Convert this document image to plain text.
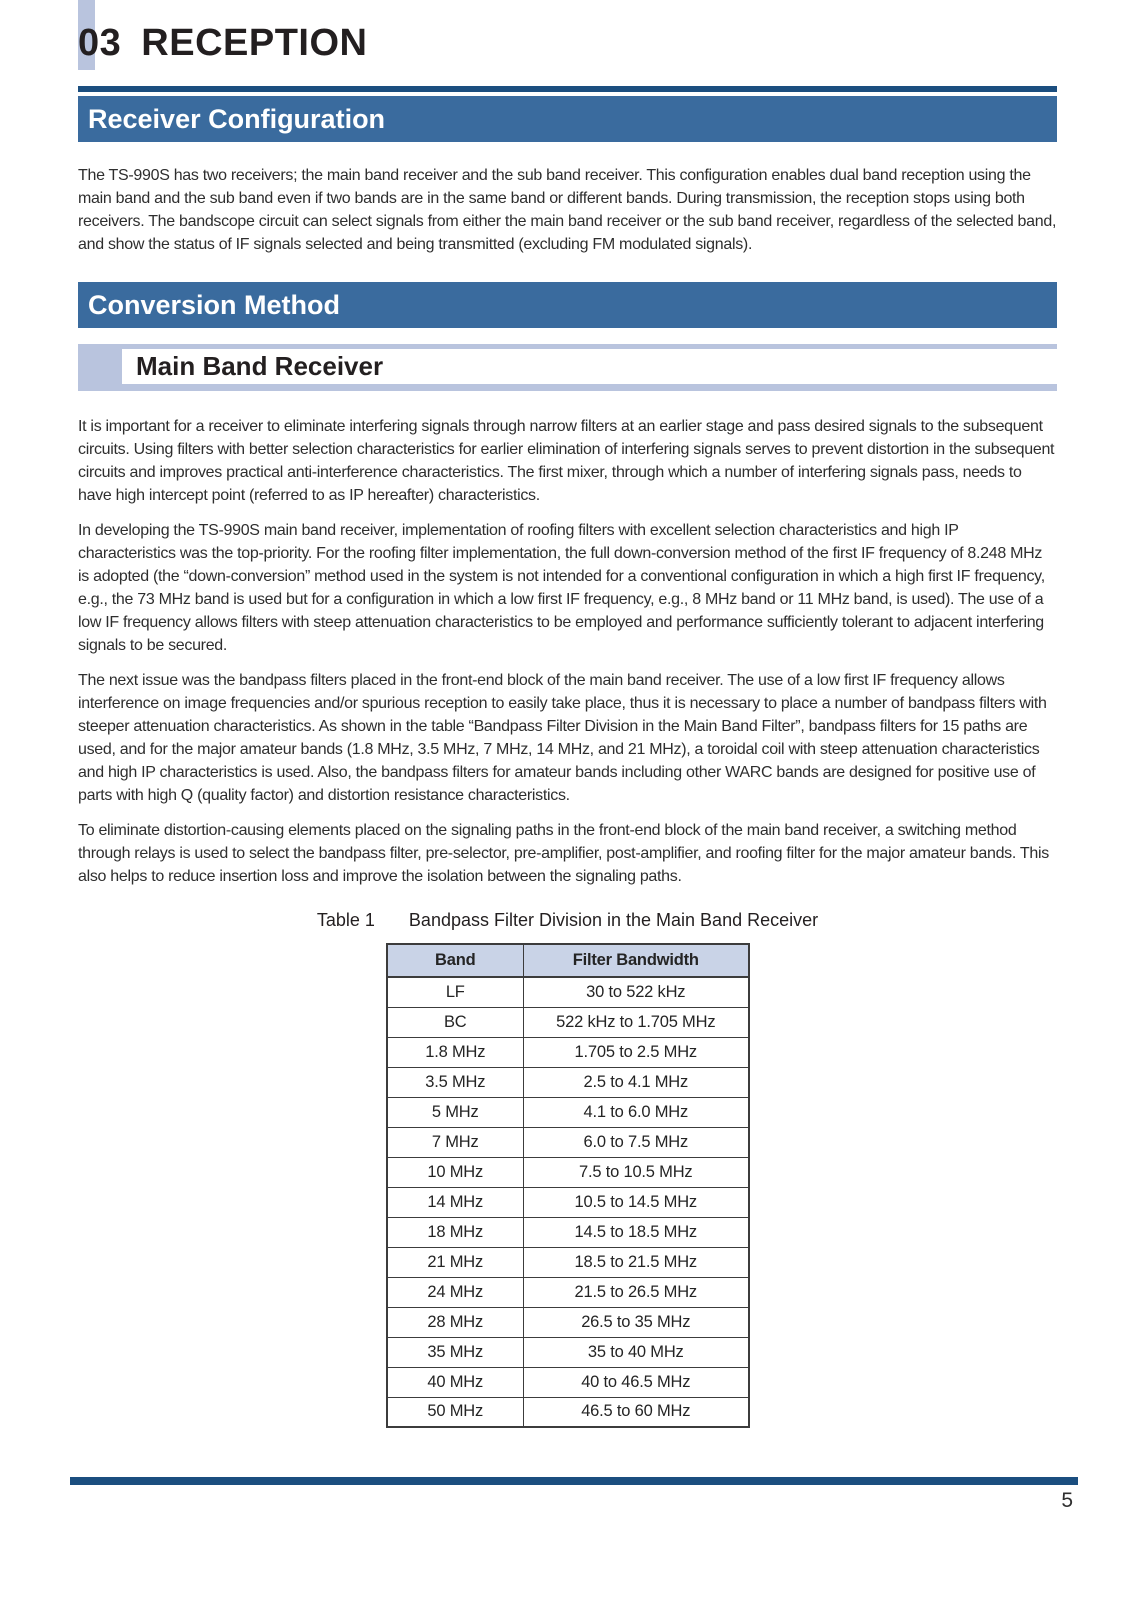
03 RECEPTION
Receiver Configuration

The TS-990S has two receivers; the main band receiver and the sub band receiver. This configuration enables dual band reception using the main band and the sub band even if two bands are in the same band or different bands. During transmission, the reception stops using both receivers. The bandscope circuit can select signals from either the main band receiver or the sub band receiver, regardless of the selected band, and show the status of IF signals selected and being transmitted (excluding FM modulated signals).

Conversion Method
Main Band Receiver

It is important for a receiver to eliminate interfering signals through narrow filters at an earlier stage and pass desired signals to the subsequent circuits. Using filters with better selection characteristics for earlier elimination of interfering signals serves to prevent distortion in the subsequent circuits and improves practical anti-interference characteristics. The first mixer, through which a number of interfering signals pass, needs to have high intercept point (referred to as IP hereafter) characteristics.

In developing the TS-990S main band receiver, implementation of roofing filters with excellent selection characteristics and high IP characteristics was the top-priority. For the roofing filter implementation, the full down-conversion method of the first IF frequency of 8.248 MHz is adopted (the “down-conversion” method used in the system is not intended for a conventional configuration in which a high first IF frequency, e.g., the 73 MHz band is used but for a configuration in which a low first IF frequency, e.g., 8 MHz band or 11 MHz band, is used). The use of a low IF frequency allows filters with steep attenuation characteristics to be employed and performance sufficiently tolerant to adjacent interfering signals to be secured.

The next issue was the bandpass filters placed in the front-end block of the main band receiver. The use of a low first IF frequency allows interference on image frequencies and/or spurious reception to easily take place, thus it is necessary to place a number of bandpass filters with steeper attenuation characteristics. As shown in the table “Bandpass Filter Division in the Main Band Filter”, bandpass filters for 15 paths are used, and for the major amateur bands (1.8 MHz, 3.5 MHz, 7 MHz, 14 MHz, and 21 MHz), a toroidal coil with steep attenuation characteristics and high IP characteristics is used. Also, the bandpass filters for amateur bands including other WARC bands are designed for positive use of parts with high Q (quality factor) and distortion resistance characteristics.

To eliminate distortion-causing elements placed on the signaling paths in the front-end block of the main band receiver, a switching method through relays is used to select the bandpass filter, pre-selector, pre-amplifier, post-amplifier, and roofing filter for the major amateur bands. This also helps to reduce insertion loss and improve the isolation between the signaling paths.

Table 1 Bandpass Filter Division in the Main Band Receiver
Band	Filter Bandwidth
LF	30 to 522 kHz
BC	522 kHz to 1.705 MHz
1.8 MHz	1.705 to 2.5 MHz
3.5 MHz	2.5 to 4.1 MHz
5 MHz	4.1 to 6.0 MHz
7 MHz	6.0 to 7.5 MHz
10 MHz	7.5 to 10.5 MHz
14 MHz	10.5 to 14.5 MHz
18 MHz	14.5 to 18.5 MHz
21 MHz	18.5 to 21.5 MHz
24 MHz	21.5 to 26.5 MHz
28 MHz	26.5 to 35 MHz
35 MHz	35 to 40 MHz
40 MHz	40 to 46.5 MHz
50 MHz	46.5 to 60 MHz
5
